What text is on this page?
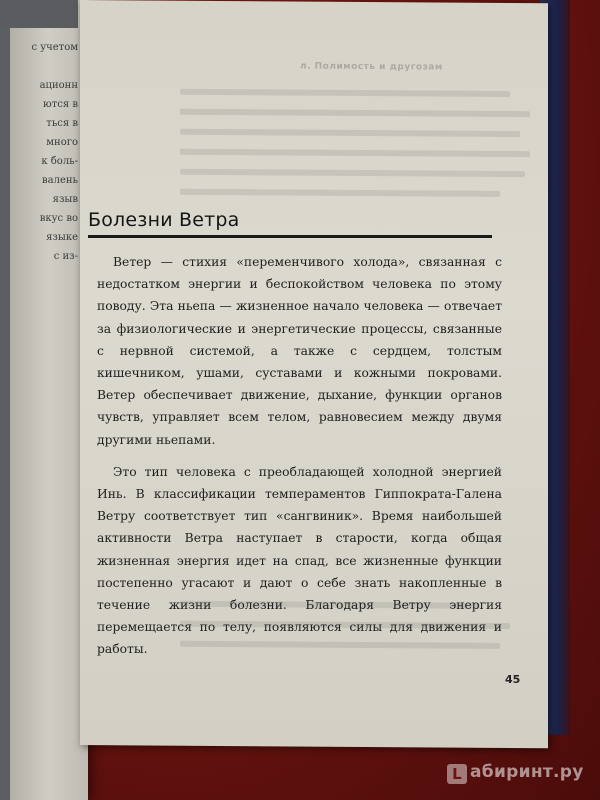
с учетом

ационн
ются в
ться в
много
к боль-
валень
языв
вкус во
языке
с из-
л. Полимость и другозам
Болезни Ветра

Ветер — стихия «переменчивого холода», связанная с недостатком энергии и беспокойством человека по этому поводу. Эта ньепа — жизненное начало человека — отвечает за физиологические и энергетические процессы, связанные с нервной системой, а также с сердцем, толстым кишечником, ушами, суставами и кожными покровами. Ветер обеспечивает движение, дыхание, функции органов чувств, управляет всем телом, равновесием между двумя другими ньепами.

Это тип человека с преобладающей холодной энергией Инь. В классификации темпераментов Гиппократа-Галена Ветру соответствует тип «сангвиник». Время наибольшей активности Ветра наступает в старости, когда общая жизненная энергия идет на спад, все жизненные функции постепенно угасают и дают о себе знать накопленные в течение жизни болезни. Благодаря Ветру энергия перемещается по телу, появляются силы для движения и работы.

45
L абиринт.ру
